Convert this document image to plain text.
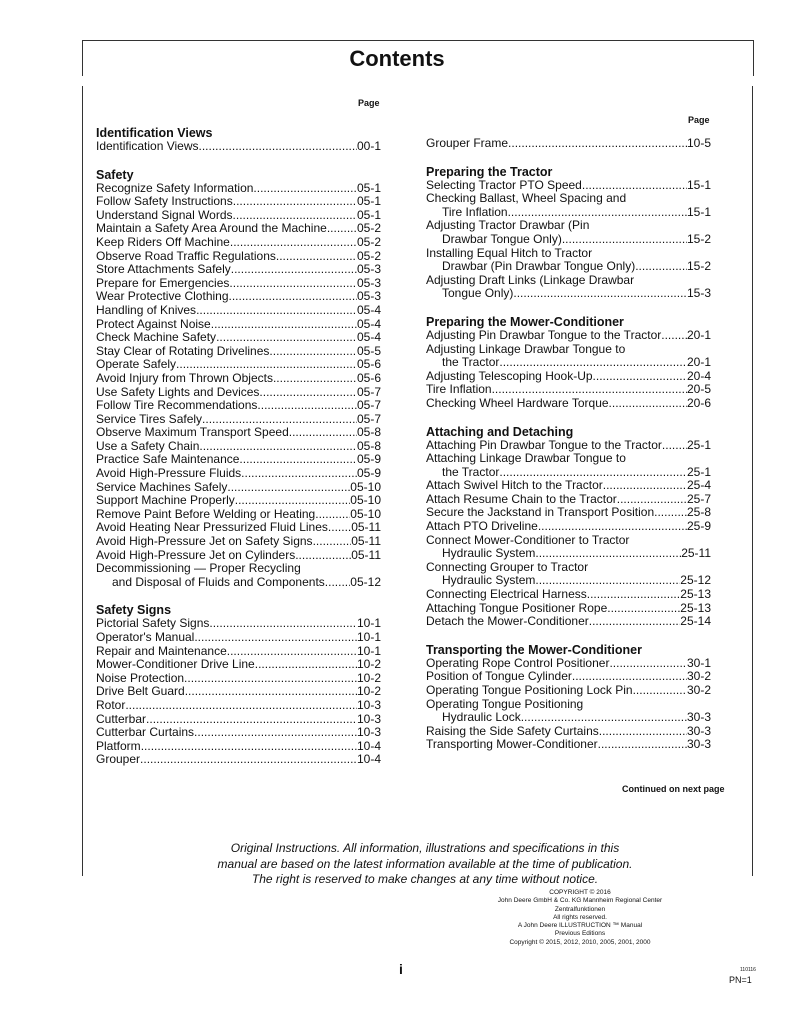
Contents
Page
Page
Identification Views
Identification Views .....	00-1
Safety
Recognize Safety Information .....	05-1
Follow Safety Instructions .....	05-1
Understand Signal Words .....	05-1
Maintain a Safety Area Around the Machine .....	05-2
Keep Riders Off Machine .....	05-2
Observe Road Traffic Regulations .....	05-2
Store Attachments Safely .....	05-3
Prepare for Emergencies .....	05-3
Wear Protective Clothing .....	05-3
Handling of Knives .....	05-4
Protect Against Noise .....	05-4
Check Machine Safety .....	05-4
Stay Clear of Rotating Drivelines .....	05-5
Operate Safely .....	05-6
Avoid Injury from Thrown Objects .....	05-6
Use Safety Lights and Devices .....	05-7
Follow Tire Recommendations .....	05-7
Service Tires Safely .....	05-7
Observe Maximum Transport Speed .....	05-8
Use a Safety Chain .....	05-8
Practice Safe Maintenance .....	05-9
Avoid High-Pressure Fluids .....	05-9
Service Machines Safely .....	05-10
Support Machine Properly .....	05-10
Remove Paint Before Welding or Heating .....	05-10
Avoid Heating Near Pressurized Fluid Lines ..... 05-11
Avoid High-Pressure Jet on Safety Signs .....	05-11
Avoid High-Pressure Jet on Cylinders .....	05-11
Decommissioning — Proper Recycling
and Disposal of Fluids and Components ..... 05-12
Safety Signs
Pictorial Safety Signs .....	10-1
Operator's Manual .....	10-1
Repair and Maintenance .....	10-1
Mower-Conditioner Drive Line .....	10-2
Noise Protection .....	10-2
Drive Belt Guard .....	10-2
Rotor .....	10-3
Cutterbar .....	10-3
Cutterbar Curtains .....	10-3
Platform .....	10-4
Grouper .....	10-4
Grouper Frame .....	10-5
Preparing the Tractor
Selecting Tractor PTO Speed .....	15-1
Checking Ballast, Wheel Spacing and
Tire Inflation .....	15-1
Adjusting Tractor Drawbar (Pin
Drawbar Tongue Only) .....	15-2
Installing Equal Hitch to Tractor
Drawbar (Pin Drawbar Tongue Only) .....	15-2
Adjusting Draft Links (Linkage Drawbar
Tongue Only) .....	15-3
Preparing the Mower-Conditioner
Adjusting Pin Drawbar Tongue to the Tractor ..... 20-1
Adjusting Linkage Drawbar Tongue to
the Tractor .....	20-1
Adjusting Telescoping Hook-Up .....	20-4
Tire Inflation .....	20-5
Checking Wheel Hardware Torque .....	20-6
Attaching and Detaching
Attaching Pin Drawbar Tongue to the Tractor ..... 25-1
Attaching Linkage Drawbar Tongue to
the Tractor .....	25-1
Attach Swivel Hitch to the Tractor .....	25-4
Attach Resume Chain to the Tractor .....	25-7
Secure the Jackstand in Transport Position .....	25-8
Attach PTO Driveline .....	25-9
Connect Mower-Conditioner to Tractor
Hydraulic System .....	25-11
Connecting Grouper to Tractor
Hydraulic System .....	25-12
Connecting Electrical Harness .....	25-13
Attaching Tongue Positioner Rope .....	25-13
Detach the Mower-Conditioner .....	25-14
Transporting the Mower-Conditioner
Operating Rope Control Positioner .....	30-1
Position of Tongue Cylinder .....	30-2
Operating Tongue Positioning Lock Pin .....	30-2
Operating Tongue Positioning
Hydraulic Lock .....	30-3
Raising the Side Safety Curtains .....	30-3
Transporting Mower-Conditioner .....	30-3
Continued on next page
Original Instructions. All information, illustrations and specifications in this
manual are based on the latest information available at the time of publication.
The right is reserved to make changes at any time without notice.
COPYRIGHT © 2016
John Deere GmbH & Co. KG Mannheim Regional Center
Zentralfunktionen
All rights reserved.
A John Deere ILLUSTRUCTION ™ Manual
Previous Editions
Copyright © 2015, 2012, 2010, 2005, 2001, 2000
i	110116
PN=1
